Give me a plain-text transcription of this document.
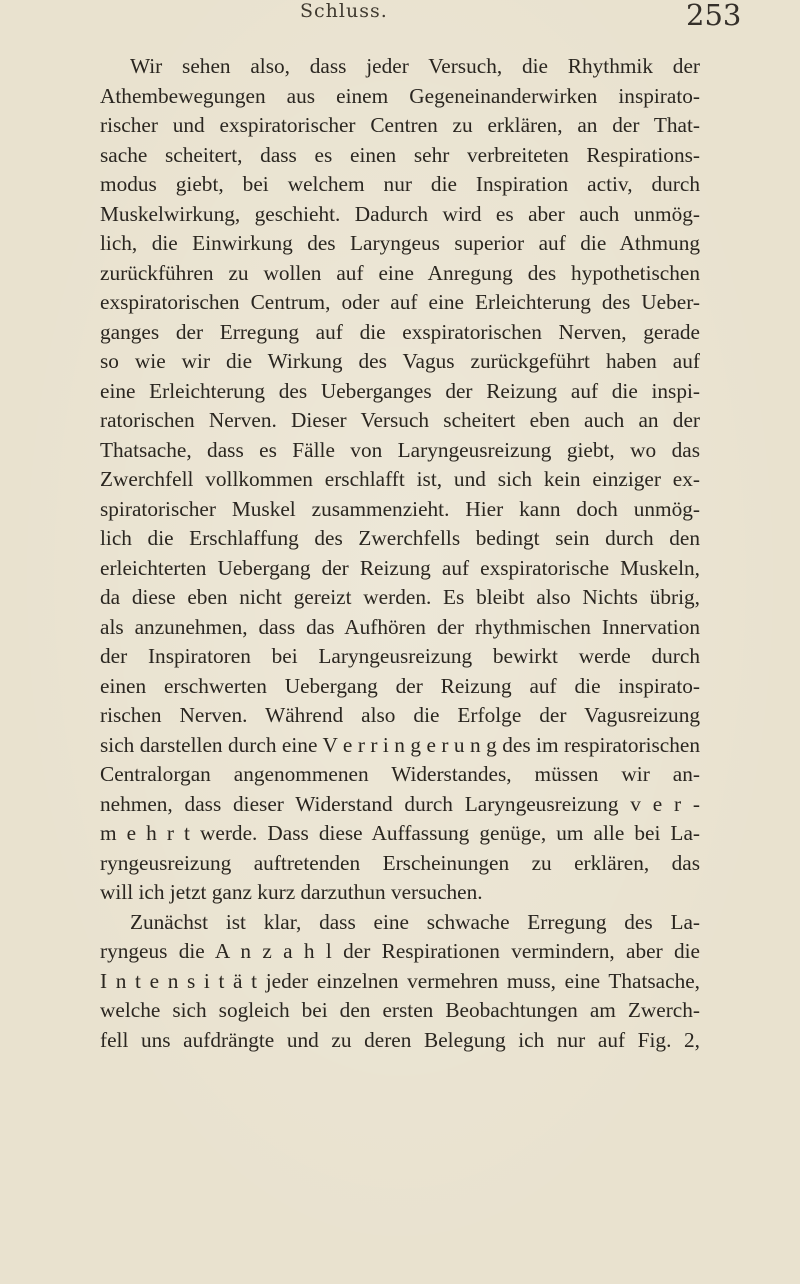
Schluss.	253
Wir sehen also, dass jeder Versuch, die Rhythmik der
Athembewegungen aus einem Gegeneinanderwirken inspirato-
rischer und exspiratorischer Centren zu erklären, an der That-
sache scheitert, dass es einen sehr verbreiteten Respirations-
modus giebt, bei welchem nur die Inspiration activ, durch
Muskelwirkung, geschieht. Dadurch wird es aber auch unmög-
lich, die Einwirkung des Laryngeus superior auf die Athmung
zurückführen zu wollen auf eine Anregung des hypothetischen
exspiratorischen Centrum, oder auf eine Erleichterung des Ueber-
ganges der Erregung auf die exspiratorischen Nerven, gerade
so wie wir die Wirkung des Vagus zurückgeführt haben auf
eine Erleichterung des Ueberganges der Reizung auf die inspi-
ratorischen Nerven. Dieser Versuch scheitert eben auch an der
Thatsache, dass es Fälle von Laryngeusreizung giebt, wo das
Zwerchfell vollkommen erschlafft ist, und sich kein einziger ex-
spiratorischer Muskel zusammenzieht. Hier kann doch unmög-
lich die Erschlaffung des Zwerchfells bedingt sein durch den
erleichterten Uebergang der Reizung auf exspiratorische Muskeln,
da diese eben nicht gereizt werden. Es bleibt also Nichts übrig,
als anzunehmen, dass das Aufhören der rhythmischen Innervation
der Inspiratoren bei Laryngeusreizung bewirkt werde durch
einen erschwerten Uebergang der Reizung auf die inspirato-
rischen Nerven. Während also die Erfolge der Vagusreizung
sich darstellen durch eine V e r r i n g e r u n g des im respiratorischen
Centralorgan angenommenen Widerstandes, müssen wir an-
nehmen, dass dieser Widerstand durch Laryngeusreizung v e r -
m e h r t werde. Dass diese Auffassung genüge, um alle bei La-
ryngeusreizung auftretenden Erscheinungen zu erklären, das
will ich jetzt ganz kurz darzuthun versuchen.
Zunächst ist klar, dass eine schwache Erregung des La-
ryngeus die A n z a h l der Respirationen vermindern, aber die
I n t e n s i t ä t jeder einzelnen vermehren muss, eine Thatsache,
welche sich sogleich bei den ersten Beobachtungen am Zwerch-
fell uns aufdrängte und zu deren Belegung ich nur auf Fig. 2,
